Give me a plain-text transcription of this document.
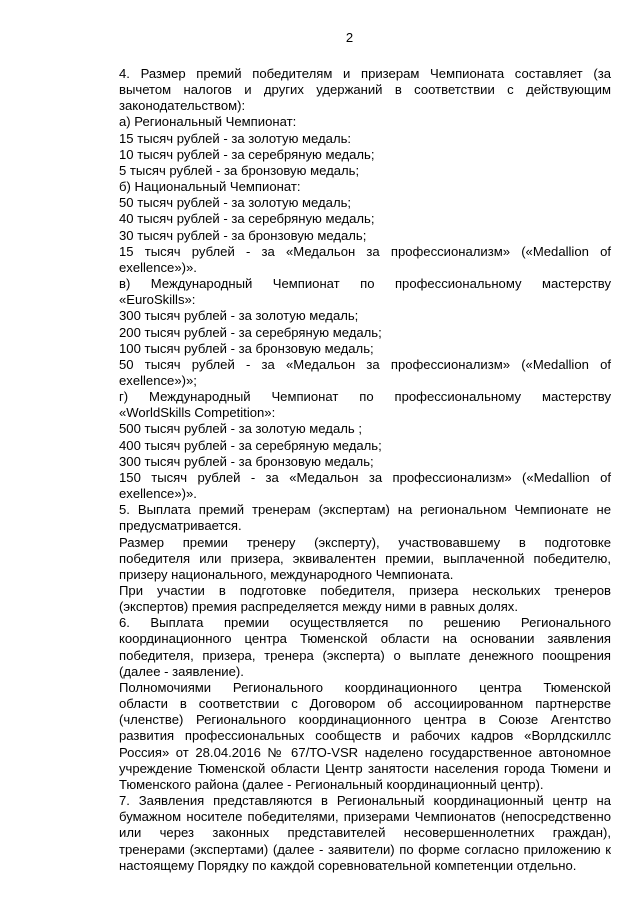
2
4. Размер премий победителям и призерам Чемпионата составляет (за
вычетом налогов и других удержаний в соответствии с действующим
законодательством):
а) Региональный Чемпионат:
15 тысяч рублей - за золотую медаль:
10 тысяч рублей - за серебряную медаль;
5 тысяч рублей - за бронзовую медаль;
б) Национальный Чемпионат:
50 тысяч рублей - за золотую медаль;
40 тысяч рублей - за серебряную медаль;
30 тысяч рублей - за бронзовую медаль;
15 тысяч рублей - за «Медальон за профессионализм» («Medallion of
exellence»)».
в) Международный Чемпионат по профессиональному мастерству
«EuroSkills»:
300 тысяч рублей - за золотую медаль;
200 тысяч рублей - за серебряную медаль;
100 тысяч рублей - за бронзовую медаль;
50 тысяч рублей - за «Медальон за профессионализм» («Medallion of
exellence»)»;
г) Международный Чемпионат по профессиональному мастерству
«WorldSkills Competition»:
500 тысяч рублей - за золотую медаль ;
400 тысяч рублей - за серебряную медаль;
300 тысяч рублей - за бронзовую медаль;
150 тысяч рублей - за «Медальон за профессионализм» («Medallion of
exellence»)».
5. Выплата премий тренерам (экспертам) на региональном Чемпионате не
предусматривается.
Размер премии тренеру (эксперту), участвовавшему в подготовке
победителя или призера, эквивалентен премии, выплаченной победителю,
призеру национального, международного Чемпионата.
При участии в подготовке победителя, призера нескольких тренеров
(экспертов) премия распределяется между ними в равных долях.
6. Выплата премии осуществляется по решению Регионального
координационного центра Тюменской области на основании заявления
победителя, призера, тренера (эксперта) о выплате денежного поощрения
(далее - заявление).
Полномочиями Регионального координационного центра Тюменской
области в соответствии с Договором об ассоциированном партнерстве
(членстве) Регионального координационного центра в Союзе Агентство
развития профессиональных сообществ и рабочих кадров «Ворлдскиллс
Россия» от 28.04.2016 № 67/ТО-VSR наделено государственное автономное
учреждение Тюменской области Центр занятости населения города Тюмени и
Тюменского района (далее - Региональный координационный центр).
7. Заявления представляются в Региональный координационный центр на
бумажном носителе победителями, призерами Чемпионатов (непосредственно
или через законных представителей несовершеннолетних граждан),
тренерами (экспертами) (далее - заявители) по форме согласно приложению к
настоящему Порядку по каждой соревновательной компетенции отдельно.
